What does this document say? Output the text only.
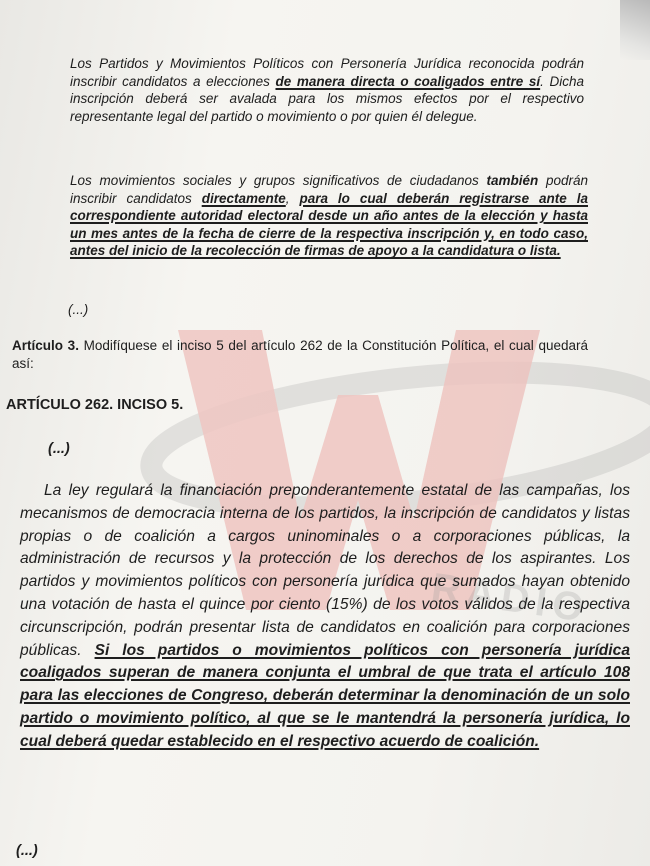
RADIO

Los Partidos y Movimientos Políticos con Personería Jurídica reconocida podrán inscribir candidatos a elecciones de manera directa o coaligados entre sí. Dicha inscripción deberá ser avalada para los mismos efectos por el respectivo representante legal del partido o movimiento o por quien él delegue.

Los movimientos sociales y grupos significativos de ciudadanos también podrán inscribir candidatos directamente, para lo cual deberán registrarse ante la correspondiente autoridad electoral desde un año antes de la elección y hasta un mes antes de la fecha de cierre de la respectiva inscripción y, en todo caso, antes del inicio de la recolección de firmas de apoyo a la candidatura o lista.

(...)

Artículo 3. Modifíquese el inciso 5 del artículo 262 de la Constitución Política, el cual quedará así:

ARTÍCULO 262. INCISO 5.
(...)

La ley regulará la financiación preponderantemente estatal de las campañas, los mecanismos de democracia interna de los partidos, la inscripción de candidatos y listas propias o de coalición a cargos uninominales o a corporaciones públicas, la administración de recursos y la protección de los derechos de los aspirantes. Los partidos y movimientos políticos con personería jurídica que sumados hayan obtenido una votación de hasta el quince por ciento (15%) de los votos válidos de la respectiva circunscripción, podrán presentar lista de candidatos en coalición para corporaciones públicas. Si los partidos o movimientos políticos con personería jurídica coaligados superan de manera conjunta el umbral de que trata el artículo 108 para las elecciones de Congreso, deberán determinar la denominación de un solo partido o movimiento político, al que se le mantendrá la personería jurídica, lo cual deberá quedar establecido en el respectivo acuerdo de coalición.

(...)
